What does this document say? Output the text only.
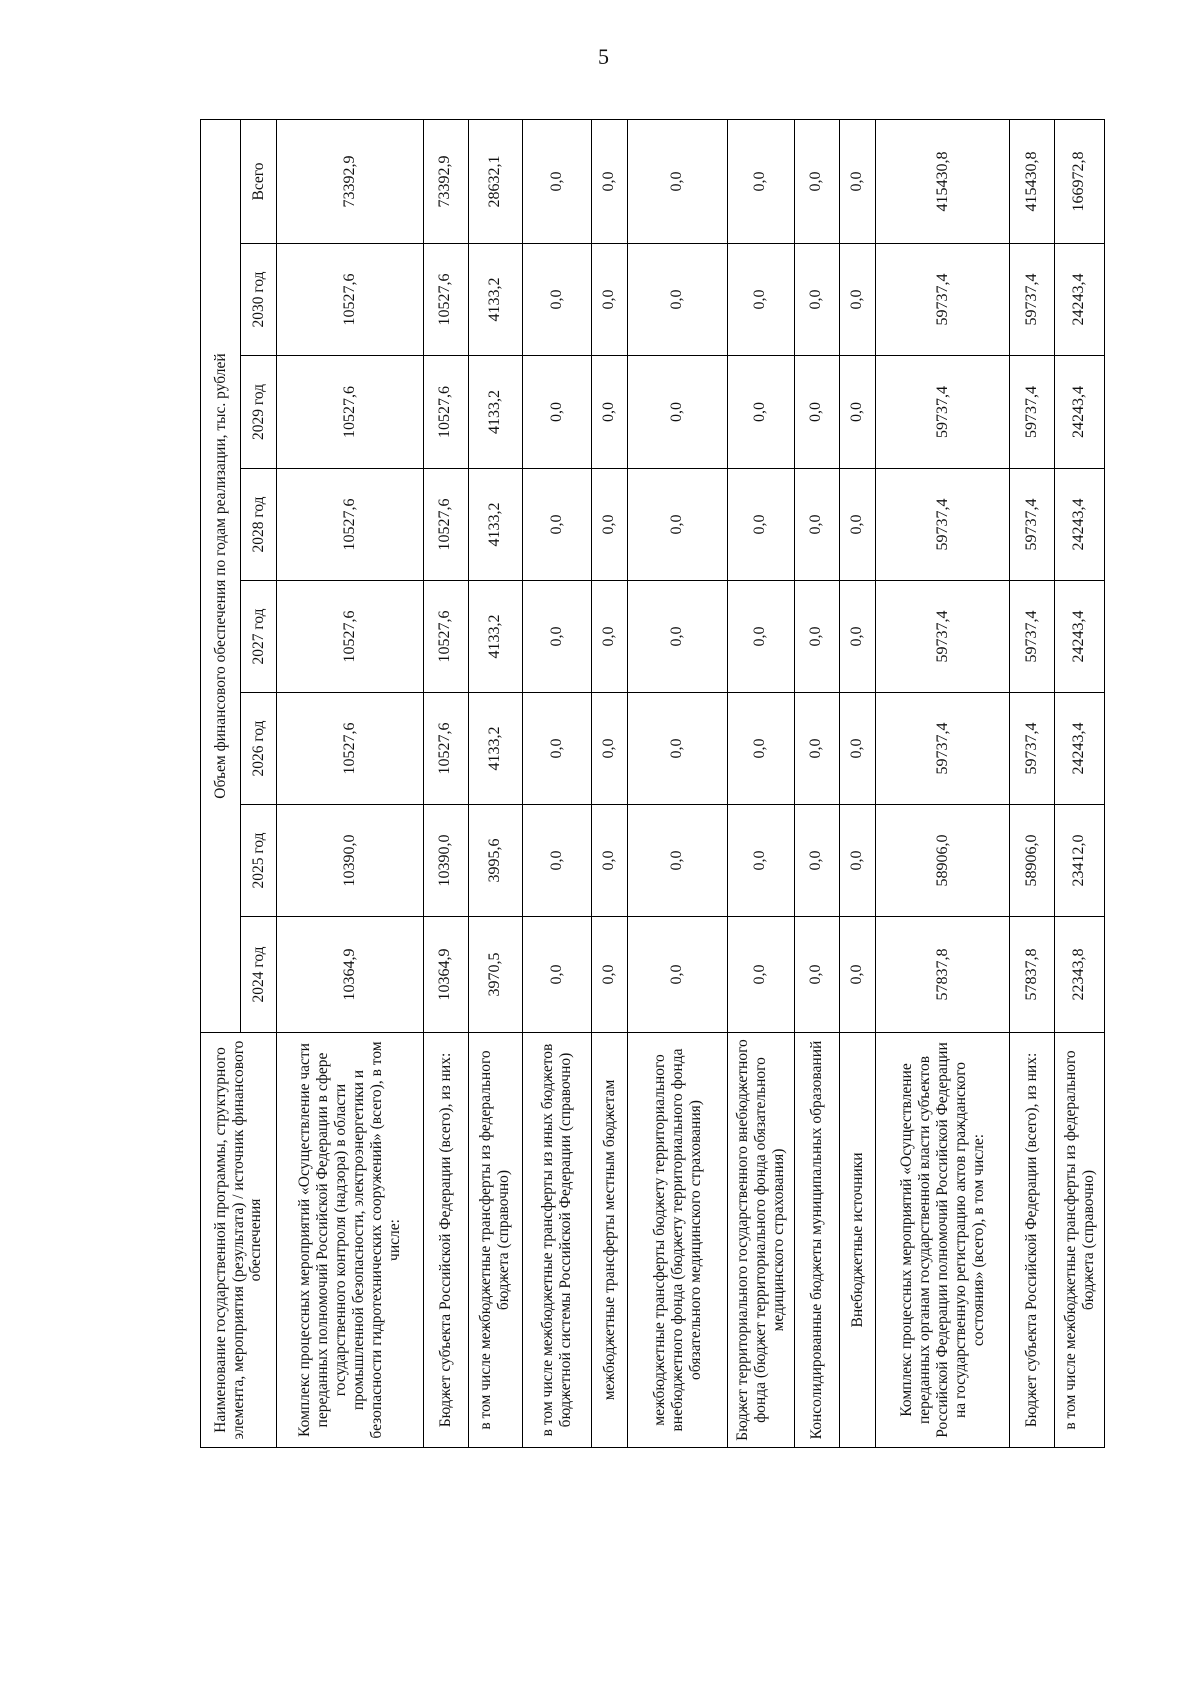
5
Наименование государственной программы, структурного элемента, мероприятия (результата) / источник финансового обеспечения	Объем финансового обеспечения по годам реализации, тыс. рублей							
	2024 год	2025 год	2026 год	2027 год	2028 год	2029 год	2030 год	Всего
Комплекс процессных мероприятий «Осуществление части переданных полномочий Российской Федерации в сфере государственного контроля (надзора) в области промышленной безопасности, электроэнергетики и безопасности гидротехнических сооружений» (всего), в том числе:	10364,9	10390,0	10527,6	10527,6	10527,6	10527,6	10527,6	73392,9
Бюджет субъекта Российской Федерации (всего), из них:	10364,9	10390,0	10527,6	10527,6	10527,6	10527,6	10527,6	73392,9
в том числе межбюджетные трансферты из федерального бюджета (справочно)	3970,5	3995,6	4133,2	4133,2	4133,2	4133,2	4133,2	28632,1
в том числе межбюджетные трансферты из иных бюджетов бюджетной системы Российской Федерации (справочно)	0,0	0,0	0,0	0,0	0,0	0,0	0,0	0,0
межбюджетные трансферты местным бюджетам	0,0	0,0	0,0	0,0	0,0	0,0	0,0	0,0
межбюджетные трансферты бюджету территориального внебюджетного фонда (бюджету территориального фонда обязательного медицинского страхования)	0,0	0,0	0,0	0,0	0,0	0,0	0,0	0,0
Бюджет территориального государственного внебюджетного фонда (бюджет территориального фонда обязательного медицинского страхования)	0,0	0,0	0,0	0,0	0,0	0,0	0,0	0,0
Консолидированные бюджеты муниципальных образований	0,0	0,0	0,0	0,0	0,0	0,0	0,0	0,0
Внебюджетные источники	0,0	0,0	0,0	0,0	0,0	0,0	0,0	0,0
Комплекс процессных мероприятий «Осуществление переданных органам государственной власти субъектов Российской Федерации полномочий Российской Федерации на государственную регистрацию актов гражданского состояния» (всего), в том числе:	57837,8	58906,0	59737,4	59737,4	59737,4	59737,4	59737,4	415430,8
Бюджет субъекта Российской Федерации (всего), из них:	57837,8	58906,0	59737,4	59737,4	59737,4	59737,4	59737,4	415430,8
в том числе межбюджетные трансферты из федерального бюджета (справочно)	22343,8	23412,0	24243,4	24243,4	24243,4	24243,4	24243,4	166972,8
